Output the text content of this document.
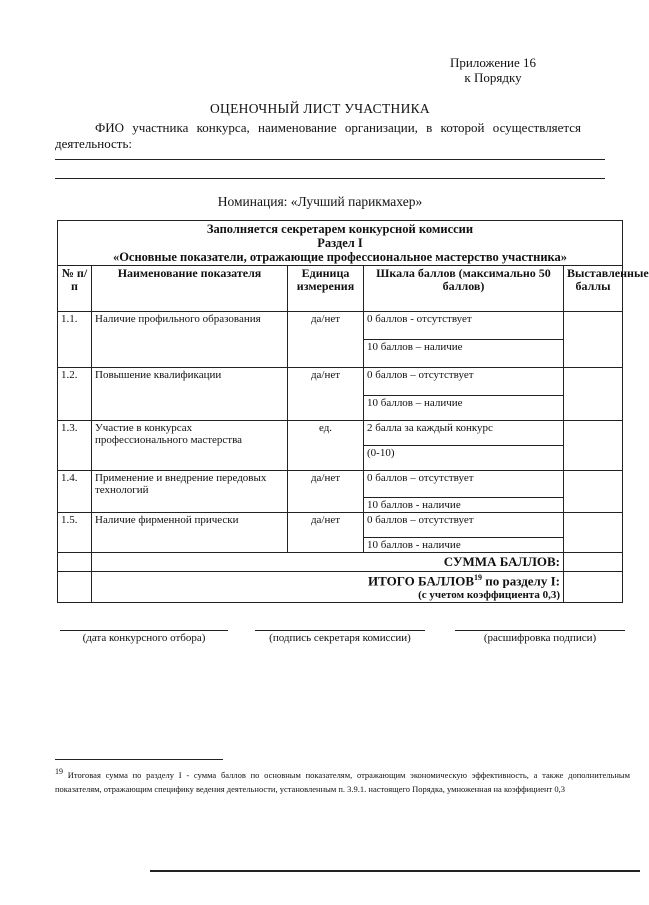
Приложение 16
к Порядку
ОЦЕНОЧНЫЙ ЛИСТ УЧАСТНИКА
ФИО участника конкурса, наименование организации, в которой осуществляется
деятельность:
Номинация: «Лучший парикмахер»
Заполняется секретарем конкурсной комиссии
Раздел I
«Основные показатели, отражающие профессиональное мастерство участника»				

№ п/п	Наименование показателя	Единица измерения	Шкала баллов (максимально 50 баллов)	Выставленные баллы
1.1.	Наличие профильного образования	да/нет	0 баллов - отсутствует	
			10 баллов – наличие	
1.2.	Повышение квалификации	да/нет	0 баллов – отсутствует	
			10 баллов – наличие	
1.3.	Участие в конкурсах профессионального мастерства	ед.	2 балла за каждый конкурс	
			(0-10)	
1.4.	Применение и внедрение передовых технологий	да/нет	0 баллов – отсутствует	
			10 баллов - наличие	
1.5.	Наличие фирменной прически	да/нет	0 баллов – отсутствует	
			10 баллов - наличие	
	СУММА БАЛЛОВ:			

	ИТОГО БАЛЛОВ$^{19}$ по разделу I:
(с учетом коэффициента 0,3)			

(дата конкурсного отбора)	(подпись секретаря комиссии)	(расшифровка подписи)
$^{19}$ Итоговая сумма по разделу I - сумма баллов по основным показателям, отражающим экономическую эффективность, а также дополнительным показателям, отражающим специфику ведения деятельности, установленным п. 3.9.1. настоящего Порядка, умноженная на коэффициент 0,3
